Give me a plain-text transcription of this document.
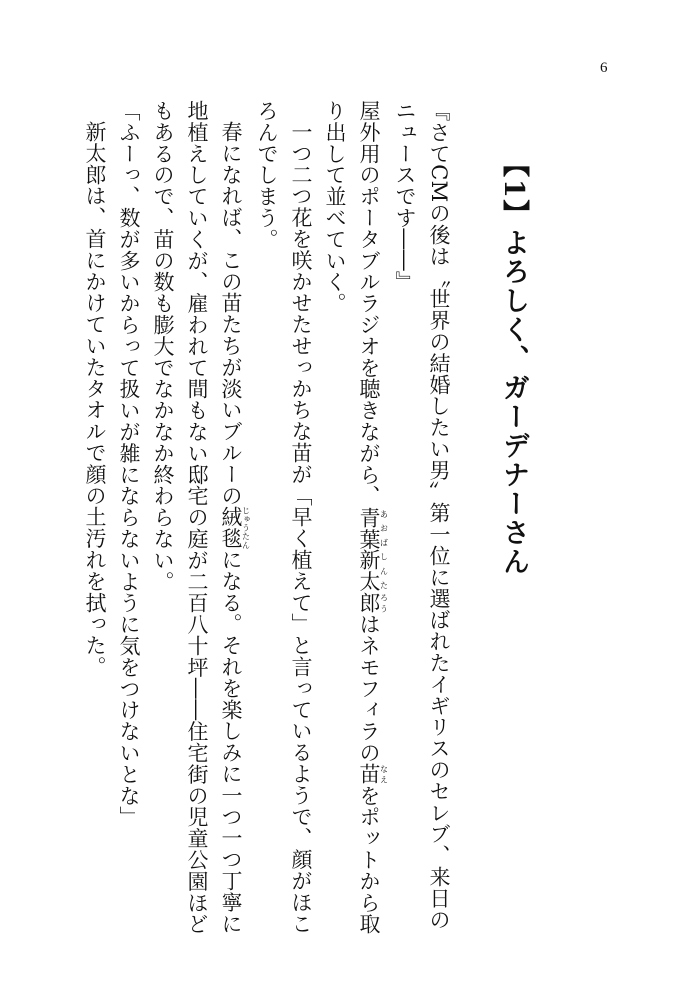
6
【1】よろしく、ガーデナーさん

『さてCMの後は〝世界の結婚したい男〟第一位に選ばれたイギリスのセレブ、来日のニュースです――』

屋外用のポータブルラジオを聴きながら、青葉あおば新太しんた郎ろうはネモフィラの苗なえをポットから取り出して並べていく。

一つ二つ花を咲かせたせっかちな苗が「早く植えて」と言っているようで、顔がほころんでしまう。

春になれば、この苗たちが淡いブルーの絨毯じゅうたんになる。それを楽しみに一つ一つ丁寧に地植えしていくが、雇われて間もない邸宅の庭が二百八十坪――住宅街の児童公園ほどもあるので、苗の数も膨大でなかなか終わらない。

「ふーっ、数が多いからって扱いが雑にならないように気をつけないとな」

新太郎は、首にかけていたタオルで顔の土汚れを拭った。
